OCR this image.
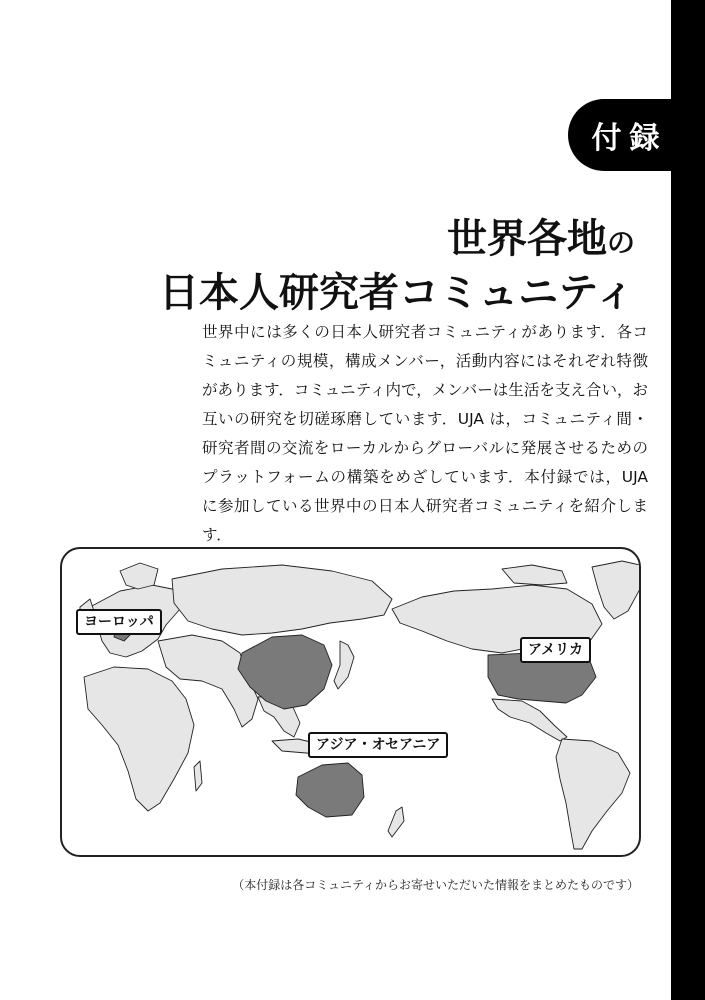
付録
世界各地の
日本人研究者コミュニティ

世界中には多くの日本人研究者コミュニティがあります．各コミュニティの規模，構成メンバー，活動内容にはそれぞれ特徴があります．コミュニティ内で，メンバーは生活を支え合い，お互いの研究を切磋琢磨しています．UJA は，コミュニティ間・研究者間の交流をローカルからグローバルに発展させるためのプラットフォームの構築をめざしています．本付録では，UJA に参加している世界中の日本人研究者コミュニティを紹介します．

ヨーロッパ
アメリカ
アジア・オセアニア
（本付録は各コミュニティからお寄せいただいた情報をまとめたものです）
